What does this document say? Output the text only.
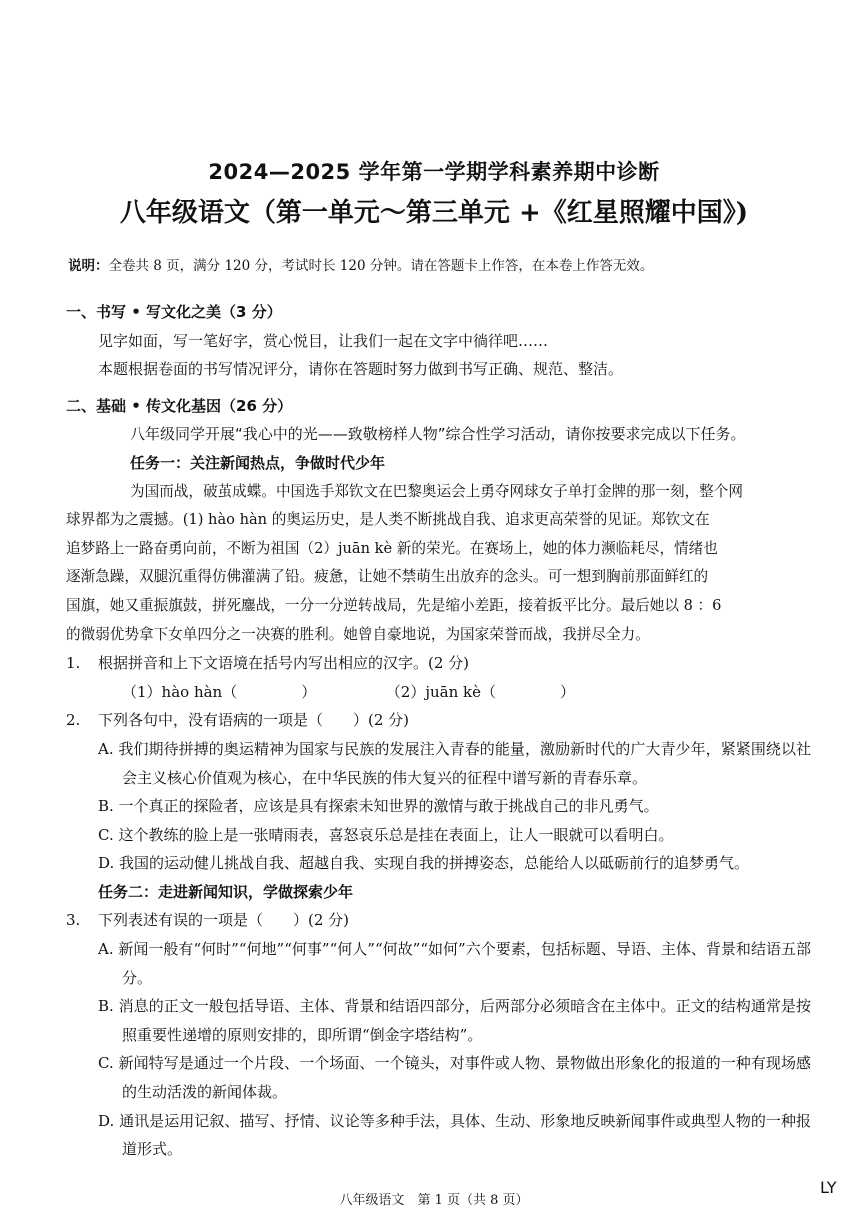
2024—2025 学年第一学期学科素养期中诊断
八年级语文（第一单元～第三单元 +《红星照耀中国》)
说明：全卷共 8 页，满分 120 分，考试时长 120 分钟。请在答题卡上作答，在本卷上作答无效。

一、书写 • 写文化之美（3 分）

见字如面，写一笔好字，赏心悦目，让我们一起在文字中徜徉吧……

本题根据卷面的书写情况评分，请你在答题时努力做到书写正确、规范、整洁。

二、基础 • 传文化基因（26 分）

八年级同学开展“我心中的光——致敬榜样人物”综合性学习活动，请你按要求完成以下任务。

任务一：关注新闻热点，争做时代少年

为国而战，破茧成蝶。中国选手郑钦文在巴黎奥运会上勇夺网球女子单打金牌的那一刻，整个网

球界都为之震撼。(1) hào hàn 的奥运历史，是人类不断挑战自我、追求更高荣誉的见证。郑钦文在

追梦路上一路奋勇向前，不断为祖国（2）juān kè 新的荣光。在赛场上，她的体力濒临耗尽，情绪也

逐渐急躁，双腿沉重得仿佛灌满了铅。疲惫，让她不禁萌生出放弃的念头。可一想到胸前那面鲜红的

国旗，她又重振旗鼓，拼死鏖战，一分一分逆转战局，先是缩小差距，接着扳平比分。最后她以 8 ：6

的微弱优势拿下女单四分之一决赛的胜利。她曾自豪地说，为国家荣誉而战，我拼尽全力。

1. 根据拼音和上下文语境在括号内写出相应的汉字。(2 分)

（1）hào hàn（	）	（2）juān kè（	）

2. 下列各句中，没有语病的一项是（　　）(2 分)

A. 我们期待拼搏的奥运精神为国家与民族的发展注入青春的能量，激励新时代的广大青少年，紧紧围绕以社会主义核心价值观为核心，在中华民族的伟大复兴的征程中谱写新的青春乐章。

B. 一个真正的探险者，应该是具有探索未知世界的激情与敢于挑战自己的非凡勇气。

C. 这个教练的脸上是一张晴雨表，喜怒哀乐总是挂在表面上，让人一眼就可以看明白。

D. 我国的运动健儿挑战自我、超越自我、实现自我的拼搏姿态，总能给人以砥砺前行的追梦勇气。

任务二：走进新闻知识，学做探索少年

3. 下列表述有误的一项是（　　）(2 分)

A. 新闻一般有“何时”“何地”“何事”“何人”“何故”“如何”六个要素，包括标题、导语、主体、背景和结语五部分。

B. 消息的正文一般包括导语、主体、背景和结语四部分，后两部分必须暗含在主体中。正文的结构通常是按照重要性递增的原则安排的，即所谓“倒金字塔结构”。

C. 新闻特写是通过一个片段、一个场面、一个镜头，对事件或人物、景物做出形象化的报道的一种有现场感的生动活泼的新闻体裁。

D. 通讯是运用记叙、描写、抒情、议论等多种手法，具体、生动、形象地反映新闻事件或典型人物的一种报道形式。

八年级语文　第 1 页（共 8 页）
LY
